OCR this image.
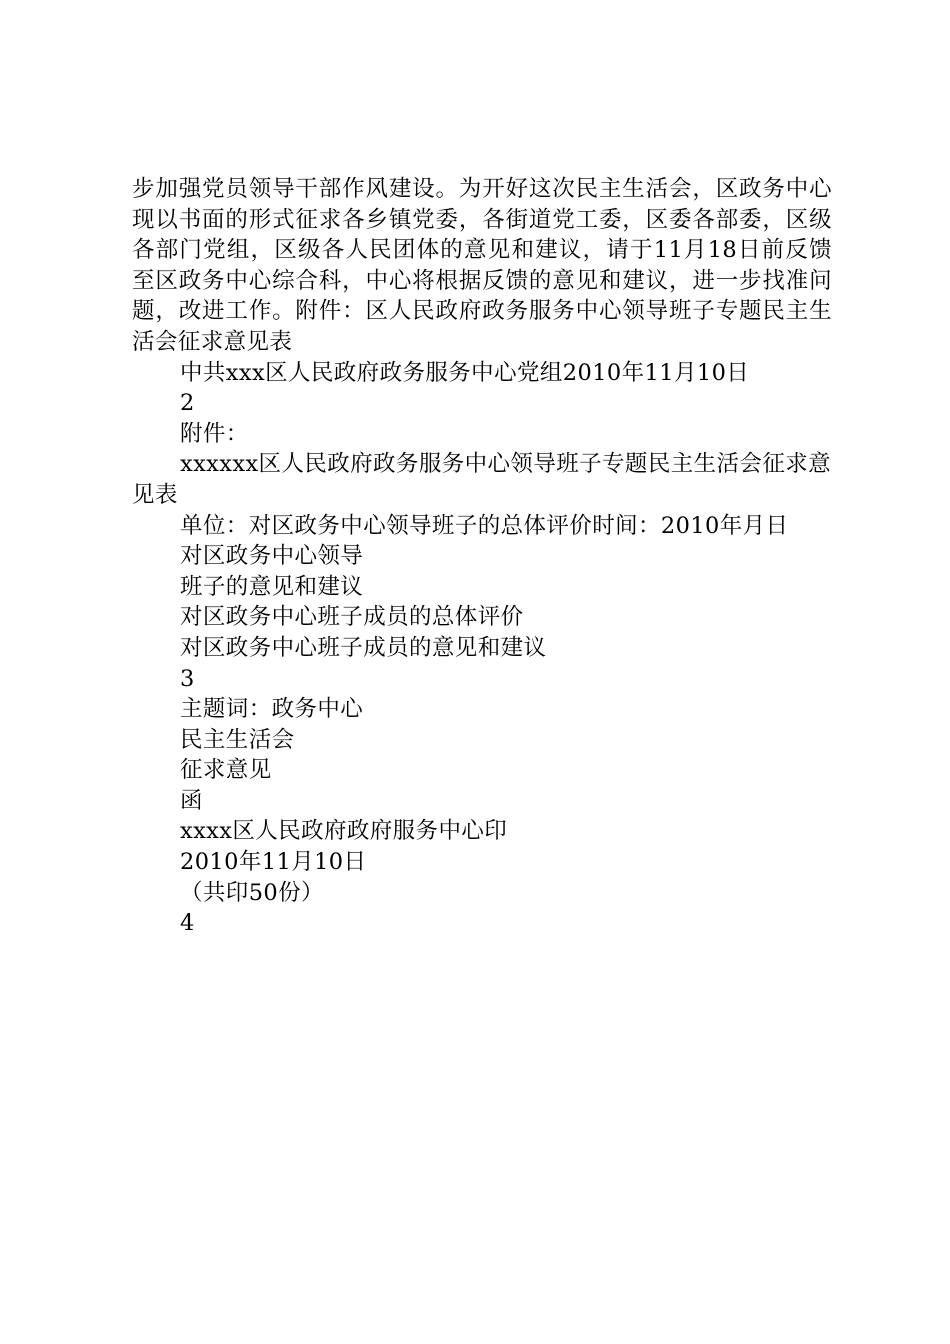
步加强党员领导干部作风建设。为开好这次民主生活会，区政务中心现以书面的形式征求各乡镇党委，各街道党工委，区委各部委，区级各部门党组，区级各人民团体的意见和建议，请于11月18日前反馈至区政务中心综合科，中心将根据反馈的意见和建议，进一步找准问题，改进工作。附件：区人民政府政务服务中心领导班子专题民主生活会征求意见表

中共xxx区人民政府政务服务中心党组2010年11月10日

2

附件：

xxxxxx区人民政府政务服务中心领导班子专题民主生活会征求意见表

单位：对区政务中心领导班子的总体评价时间：2010年月日

对区政务中心领导

班子的意见和建议

对区政务中心班子成员的总体评价

对区政务中心班子成员的意见和建议

3

主题词：政务中心

民主生活会

征求意见

函

xxxx区人民政府政府服务中心印

2010年11月10日

（共印50份）

4
